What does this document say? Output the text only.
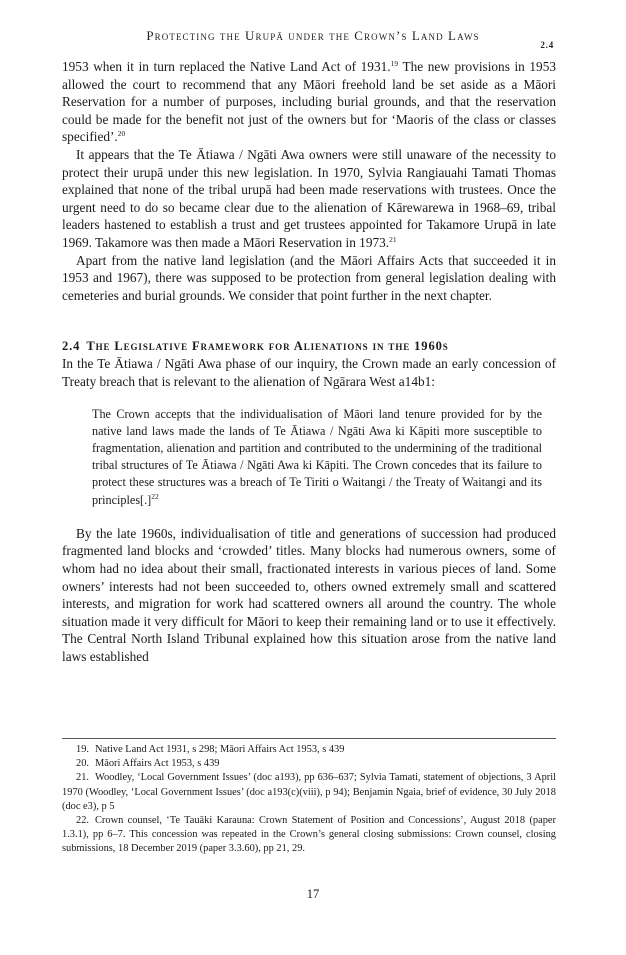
Protecting the Urupā under the Crown’s Land Laws
2.4

1953 when it in turn replaced the Native Land Act of 1931.19 The new provisions in 1953 allowed the court to recommend that any Māori freehold land be set aside as a Māori Reservation for a number of purposes, including burial grounds, and that the reservation could be made for the benefit not just of the owners but for ‘Maoris of the class or classes specified’.$^{20}$

It appears that the Te Ātiawa / Ngāti Awa owners were still unaware of the necessity to protect their urupā under this new legislation. In 1970, Sylvia Rangiauahi Tamati Thomas explained that none of the tribal urupā had been made reservations with trustees. Once the urgent need to do so became clear due to the alienation of Kārewarewa in 1968–69, tribal leaders hastened to establish a trust and get trustees appointed for Takamore Urupā in late 1969. Takamore was then made a Māori Reservation in 1973.21

Apart from the native land legislation (and the Māori Affairs Acts that succeeded it in 1953 and 1967), there was supposed to be protection from general legislation dealing with cemeteries and burial grounds. We consider that point further in the next chapter.

2.4 The Legislative Framework for Alienations in the 1960s

In the Te Ātiawa / Ngāti Awa phase of our inquiry, the Crown made an early concession of Treaty breach that is relevant to the alienation of Ngārara West a14b1:

The Crown accepts that the individualisation of Māori land tenure provided for by the native land laws made the lands of Te Ātiawa / Ngāti Awa ki Kāpiti more susceptible to fragmentation, alienation and partition and contributed to the undermining of the traditional tribal structures of Te Ātiawa / Ngāti Awa ki Kāpiti. The Crown concedes that its failure to protect these structures was a breach of Te Tiriti o Waitangi / the Treaty of Waitangi and its principles[.]$^{22}$

By the late 1960s, individualisation of title and generations of succession had produced fragmented land blocks and ‘crowded’ titles. Many blocks had numerous owners, some of whom had no idea about their small, fractionated interests in various pieces of land. Some owners’ interests had not been succeeded to, others owned extremely small and scattered interests, and migration for work had scattered owners all around the country. The whole situation made it very difficult for Māori to keep their remaining land or to use it effectively. The Central North Island Tribunal explained how this situation arose from the native land laws established

19. Native Land Act 1931, s 298; Māori Affairs Act 1953, s 439

20. Māori Affairs Act 1953, s 439

21. Woodley, ‘Local Government Issues’ (doc a193), pp 636–637; Sylvia Tamati, statement of objections, 3 April 1970 (Woodley, ‘Local Government Issues’ (doc a193(c)(viii), p 94); Benjamin Ngaia, brief of evidence, 30 July 2018 (doc e3), p 5

22. Crown counsel, ‘Te Tauāki Karauna: Crown Statement of Position and Concessions’, August 2018 (paper 1.3.1), pp 6–7. This concession was repeated in the Crown’s general closing submissions: Crown counsel, closing submissions, 18 December 2019 (paper 3.3.60), pp 21, 29.

17
